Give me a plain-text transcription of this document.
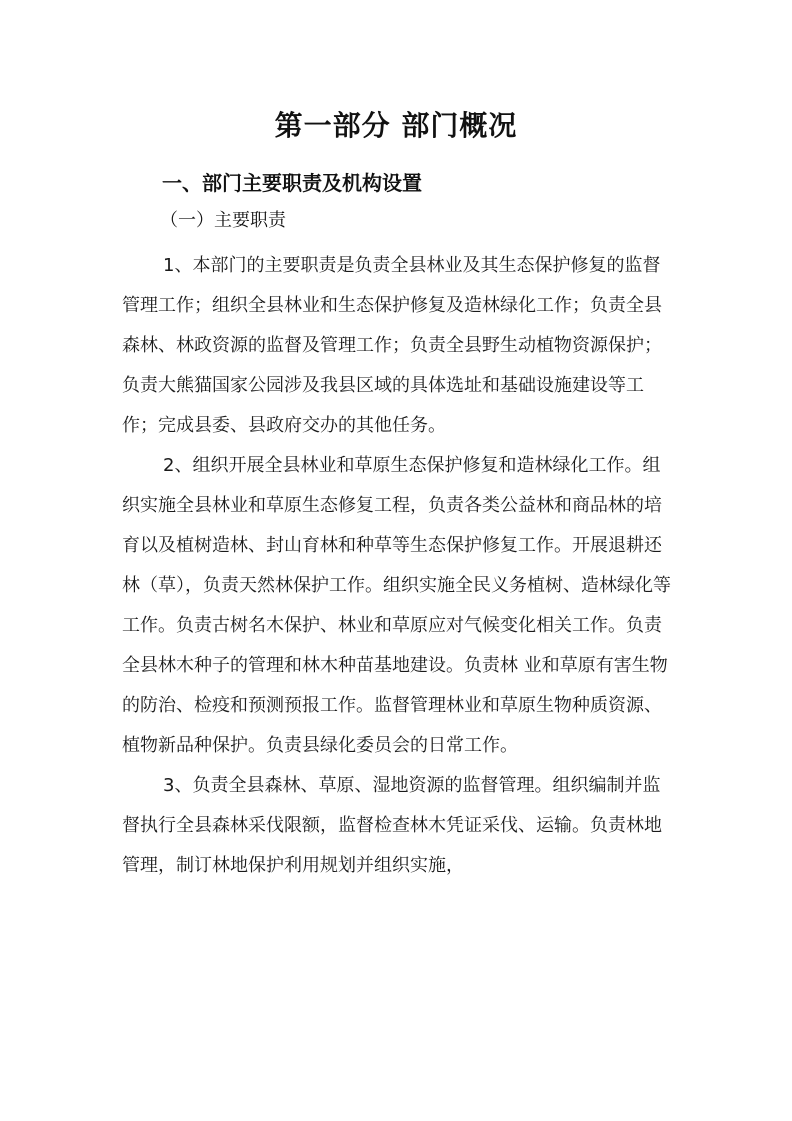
第一部分 部门概况
一、部门主要职责及机构设置
（一）主要职责

1、本部门的主要职责是负责全县林业及其生态保护修复的监督管理工作；组织全县林业和生态保护修复及造林绿化工作；负责全县森林、林政资源的监督及管理工作；负责全县野生动植物资源保护；负责大熊猫国家公园涉及我县区域的具体选址和基础设施建设等工作；完成县委、县政府交办的其他任务。

2、组织开展全县林业和草原生态保护修复和造林绿化工作。组织实施全县林业和草原生态修复工程，负责各类公益林和商品林的培育以及植树造林、封山育林和种草等生态保护修复工作。开展退耕还林（草），负责天然林保护工作。组织实施全民义务植树、造林绿化等工作。负责古树名木保护、林业和草原应对气候变化相关工作。负责全县林木种子的管理和林木种苗基地建设。负责林 业和草原有害生物的防治、检疫和预测预报工作。监督管理林业和草原生物种质资源、植物新品种保护。负责县绿化委员会的日常工作。

3、负责全县森林、草原、湿地资源的监督管理。组织编制并监督执行全县森林采伐限额，监督检查林木凭证采伐、运输。负责林地管理，制订林地保护利用规划并组织实施，
